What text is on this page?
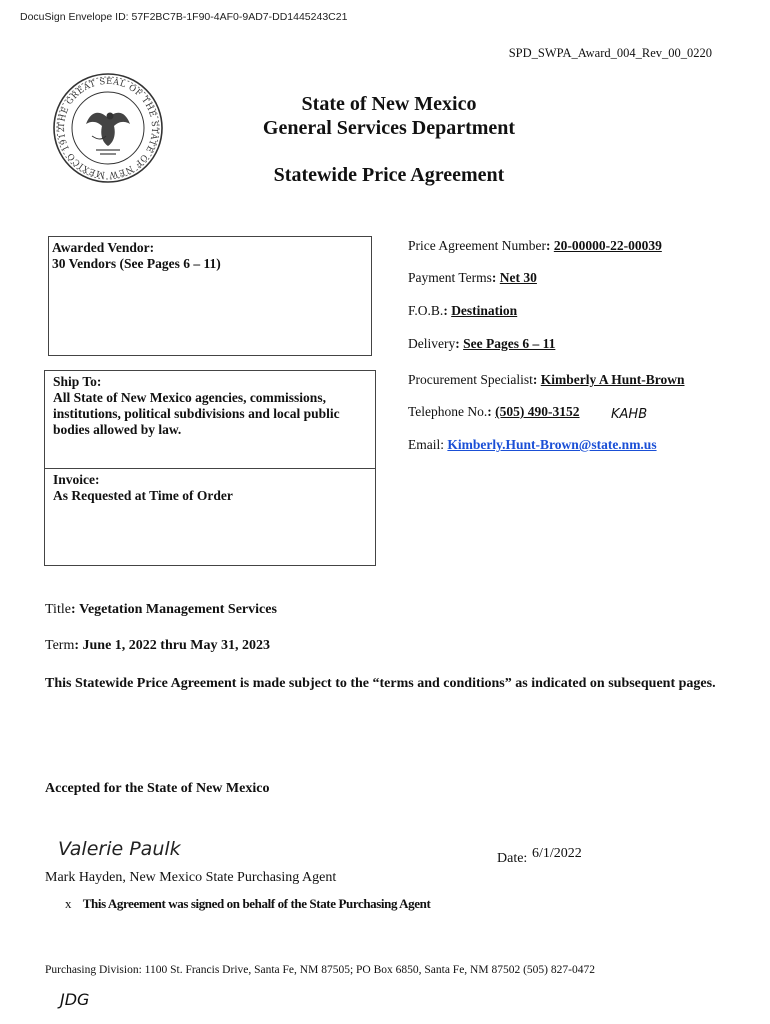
DocuSign Envelope ID: 57F2BC7B-1F90-4AF0-9AD7-DD1445243C21
SPD_SWPA_Award_004_Rev_00_0220
THE GREAT SEAL OF THE STATE OF NEW MEXICO 1912
State of New Mexico
General Services Department
Statewide Price Agreement
Awarded Vendor:
30 Vendors (See Pages 6 – 11)
Ship To:
All State of New Mexico agencies, commissions, institutions, political subdivisions and local public bodies allowed by law.
Invoice:
As Requested at Time of Order
Price Agreement Number: 20-00000-22-00039
Payment Terms: Net 30
F.O.B.: Destination
Delivery: See Pages 6 – 11
Procurement Specialist: Kimberly A Hunt-Brown
Telephone No.: (505) 490-3152 KAHB
Email: Kimberly.Hunt-Brown@state.nm.us
Title: Vegetation Management Services
Term: June 1, 2022 thru May 31, 2023
This Statewide Price Agreement is made subject to the “terms and conditions” as indicated on subsequent pages.
Accepted for the State of New Mexico
Valerie Paulk	Date: 6/1/2022
Mark Hayden, New Mexico State Purchasing Agent
x This Agreement was signed on behalf of the State Purchasing Agent
Purchasing Division: 1100 St. Francis Drive, Santa Fe, NM 87505; PO Box 6850, Santa Fe, NM 87502 (505) 827-0472
JDG
